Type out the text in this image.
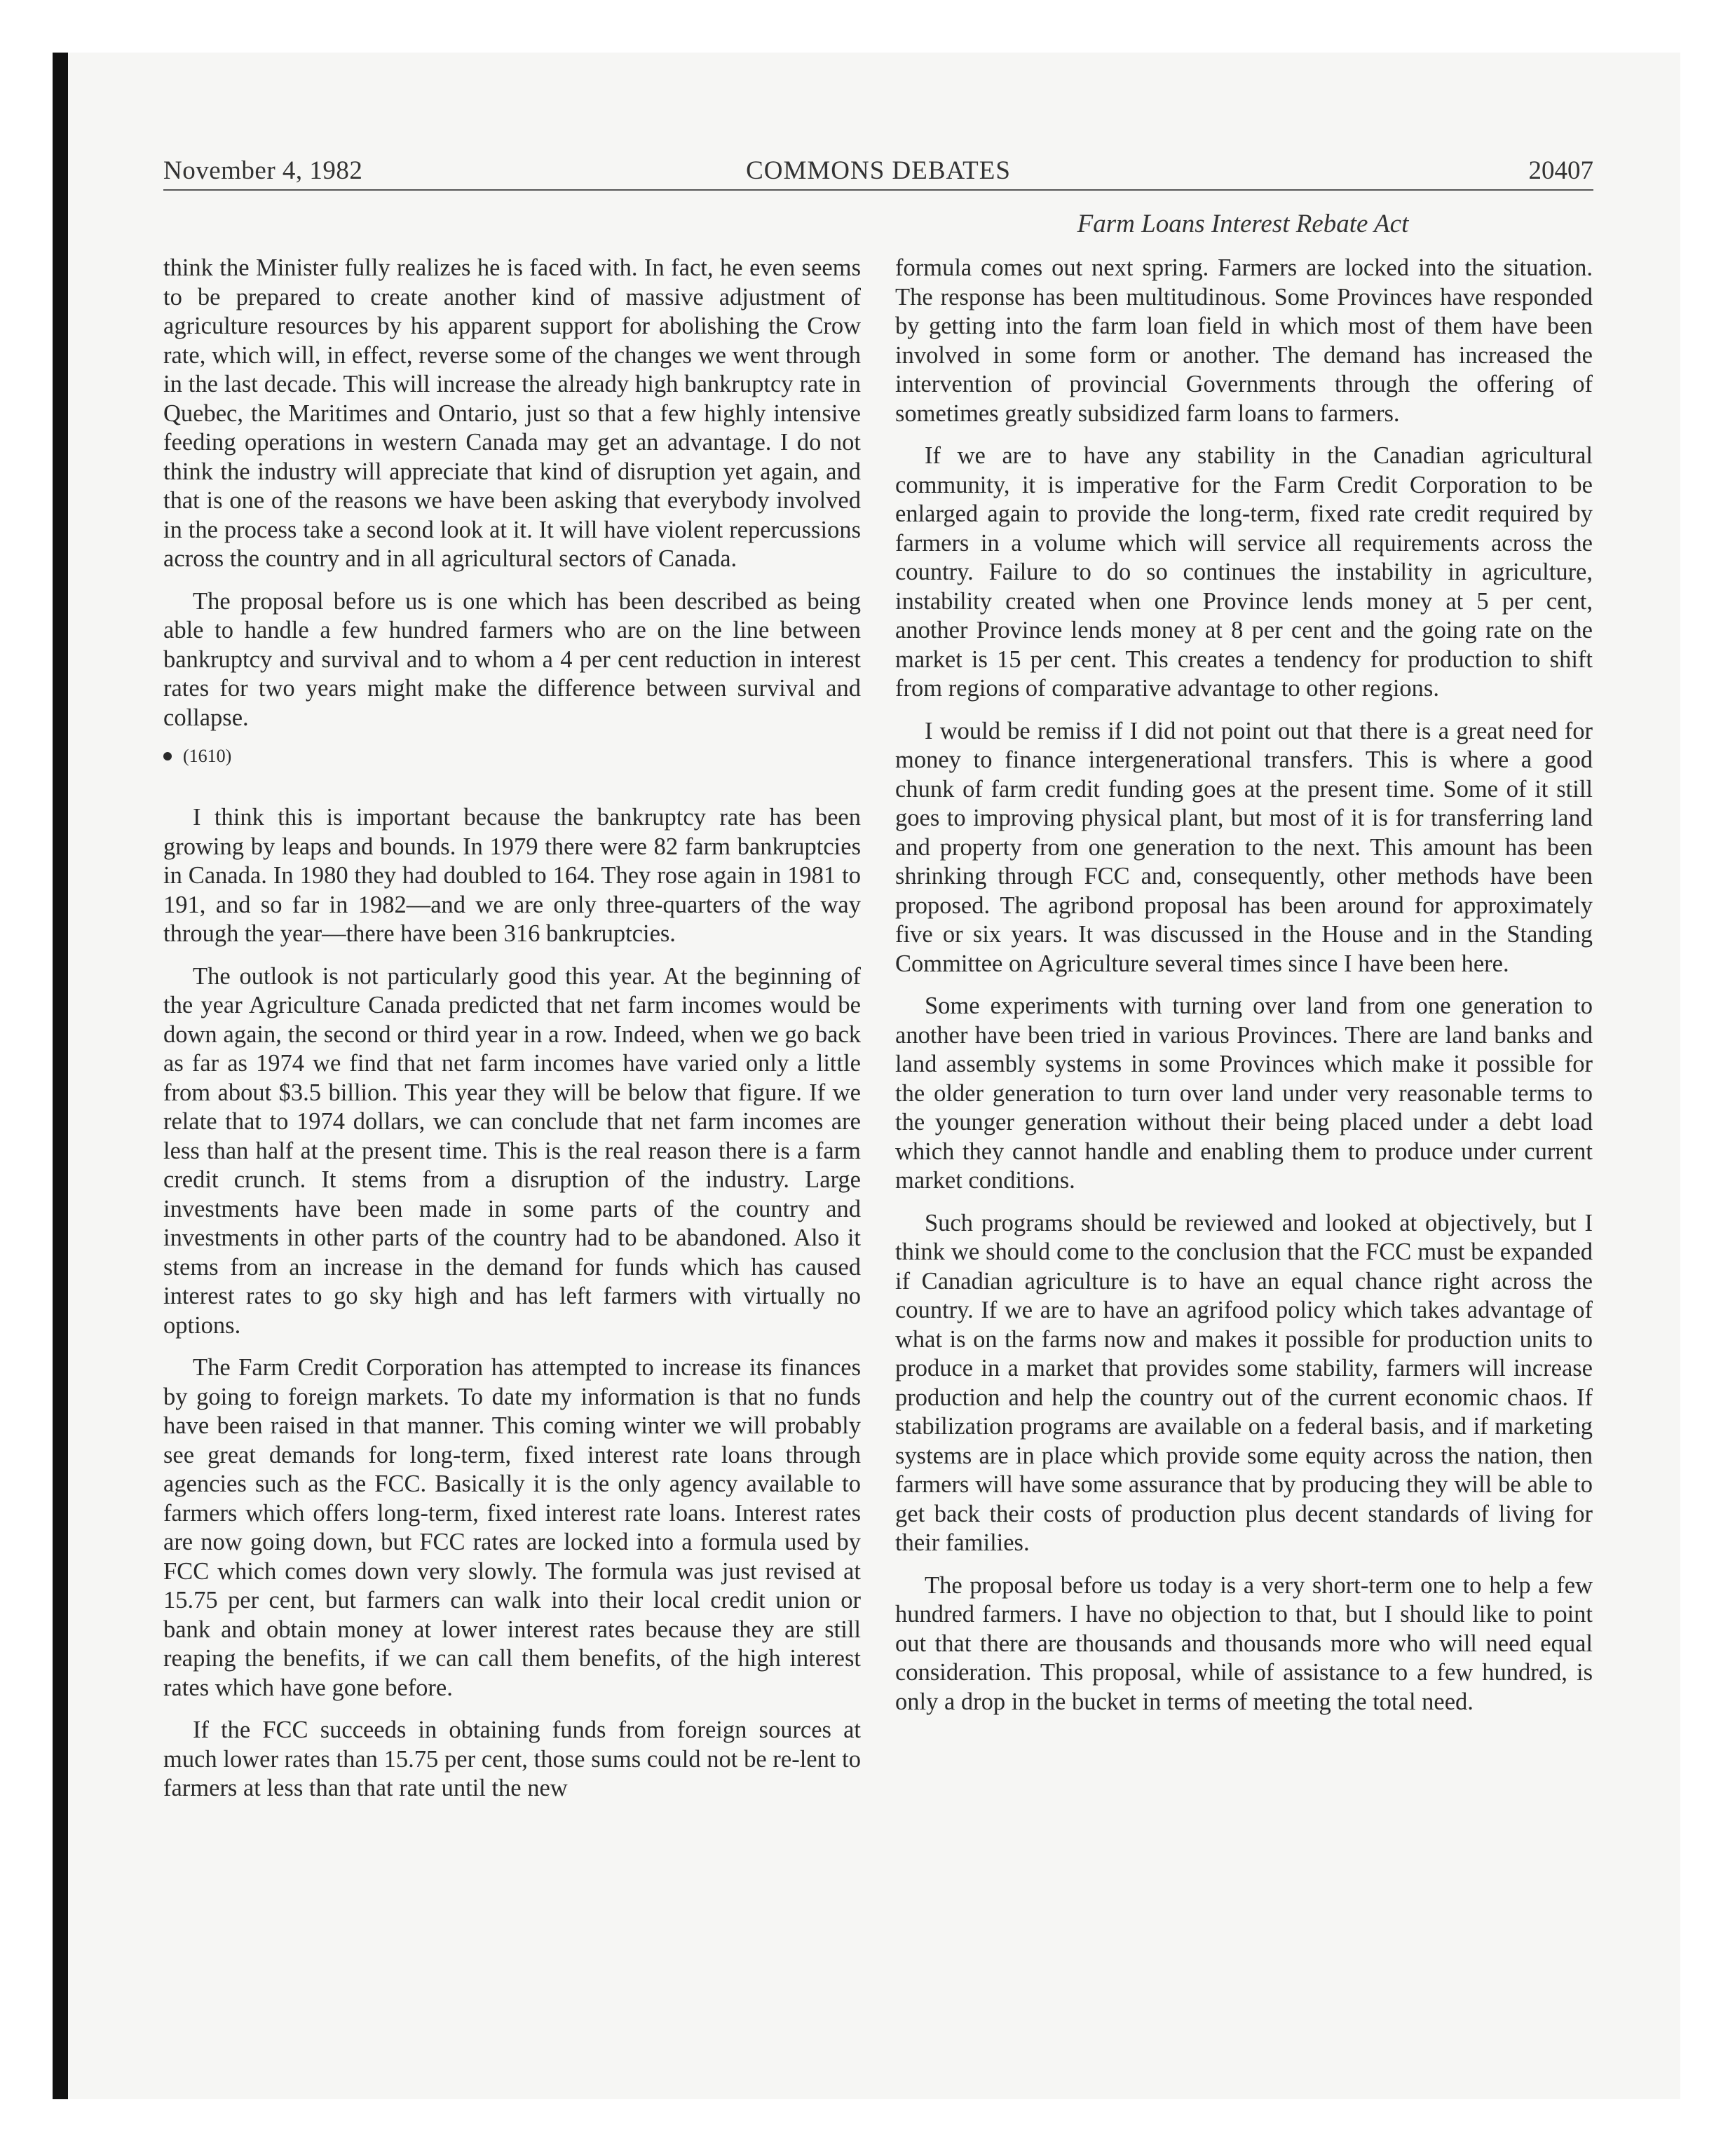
November 4, 1982	COMMONS DEBATES	20407
Farm Loans Interest Rebate Act

think the Minister fully realizes he is faced with. In fact, he even seems to be prepared to create another kind of massive adjustment of agriculture resources by his apparent support for abolishing the Crow rate, which will, in effect, reverse some of the changes we went through in the last decade. This will increase the already high bankruptcy rate in Quebec, the Maritimes and Ontario, just so that a few highly intensive feeding operations in western Canada may get an advantage. I do not think the industry will appreciate that kind of disruption yet again, and that is one of the reasons we have been asking that everybody involved in the process take a second look at it. It will have violent repercussions across the country and in all agricultural sectors of Canada.

The proposal before us is one which has been described as being able to handle a few hundred farmers who are on the line between bankruptcy and survival and to whom a 4 per cent reduction in interest rates for two years might make the difference between survival and collapse.

(1610)

I think this is important because the bankruptcy rate has been growing by leaps and bounds. In 1979 there were 82 farm bankruptcies in Canada. In 1980 they had doubled to 164. They rose again in 1981 to 191, and so far in 1982—and we are only three-quarters of the way through the year—there have been 316 bankruptcies.

The outlook is not particularly good this year. At the beginning of the year Agriculture Canada predicted that net farm incomes would be down again, the second or third year in a row. Indeed, when we go back as far as 1974 we find that net farm incomes have varied only a little from about $3.5 billion. This year they will be below that figure. If we relate that to 1974 dollars, we can conclude that net farm incomes are less than half at the present time. This is the real reason there is a farm credit crunch. It stems from a disruption of the industry. Large investments have been made in some parts of the country and investments in other parts of the country had to be abandoned. Also it stems from an increase in the demand for funds which has caused interest rates to go sky high and has left farmers with virtually no options.

The Farm Credit Corporation has attempted to increase its finances by going to foreign markets. To date my information is that no funds have been raised in that manner. This coming winter we will probably see great demands for long-term, fixed interest rate loans through agencies such as the FCC. Basically it is the only agency available to farmers which offers long-term, fixed interest rate loans. Interest rates are now going down, but FCC rates are locked into a formula used by FCC which comes down very slowly. The formula was just revised at 15.75 per cent, but farmers can walk into their local credit union or bank and obtain money at lower interest rates because they are still reaping the benefits, if we can call them benefits, of the high interest rates which have gone before.

If the FCC succeeds in obtaining funds from foreign sources at much lower rates than 15.75 per cent, those sums could not be re-lent to farmers at less than that rate until the new

formula comes out next spring. Farmers are locked into the situation. The response has been multitudinous. Some Provinces have responded by getting into the farm loan field in which most of them have been involved in some form or another. The demand has increased the intervention of provincial Governments through the offering of sometimes greatly subsidized farm loans to farmers.

If we are to have any stability in the Canadian agricultural community, it is imperative for the Farm Credit Corporation to be enlarged again to provide the long-term, fixed rate credit required by farmers in a volume which will service all requirements across the country. Failure to do so continues the instability in agriculture, instability created when one Province lends money at 5 per cent, another Province lends money at 8 per cent and the going rate on the market is 15 per cent. This creates a tendency for production to shift from regions of comparative advantage to other regions.

I would be remiss if I did not point out that there is a great need for money to finance intergenerational transfers. This is where a good chunk of farm credit funding goes at the present time. Some of it still goes to improving physical plant, but most of it is for transferring land and property from one generation to the next. This amount has been shrinking through FCC and, consequently, other methods have been proposed. The agribond proposal has been around for approximately five or six years. It was discussed in the House and in the Standing Committee on Agriculture several times since I have been here.

Some experiments with turning over land from one generation to another have been tried in various Provinces. There are land banks and land assembly systems in some Provinces which make it possible for the older generation to turn over land under very reasonable terms to the younger generation without their being placed under a debt load which they cannot handle and enabling them to produce under current market conditions.

Such programs should be reviewed and looked at objectively, but I think we should come to the conclusion that the FCC must be expanded if Canadian agriculture is to have an equal chance right across the country. If we are to have an agrifood policy which takes advantage of what is on the farms now and makes it possible for production units to produce in a market that provides some stability, farmers will increase production and help the country out of the current economic chaos. If stabilization programs are available on a federal basis, and if marketing systems are in place which provide some equity across the nation, then farmers will have some assurance that by producing they will be able to get back their costs of production plus decent standards of living for their families.

The proposal before us today is a very short-term one to help a few hundred farmers. I have no objection to that, but I should like to point out that there are thousands and thousands more who will need equal consideration. This proposal, while of assistance to a few hundred, is only a drop in the bucket in terms of meeting the total need.
